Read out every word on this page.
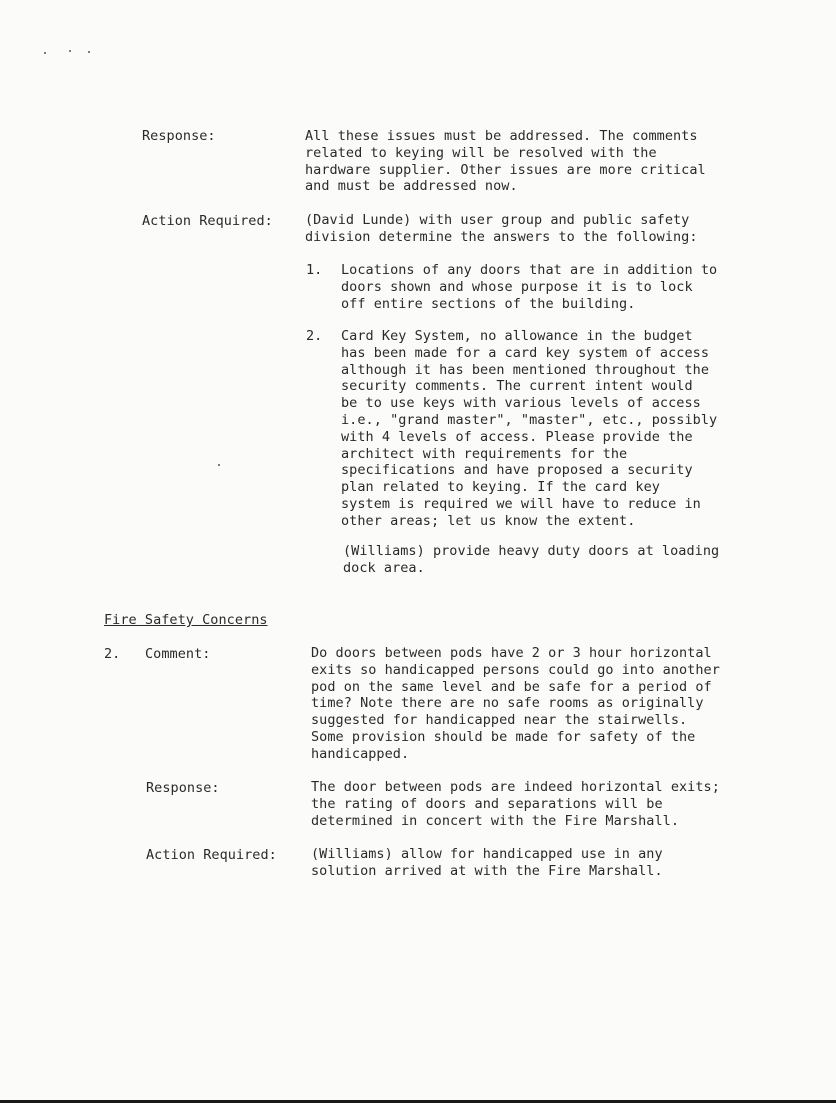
Response:	All these issues must be addressed. The comments
related to keying will be resolved with the
hardware supplier. Other issues are more critical
and must be addressed now.
Action Required: (David Lunde) with user group and public safety
division determine the answers to the following:
1. Locations of any doors that are in addition to
doors shown and whose purpose it is to lock
off entire sections of the building.
2. Card Key System, no allowance in the budget
has been made for a card key system of access
although it has been mentioned throughout the
security comments. The current intent would
be to use keys with various levels of access
i.e., "grand master", "master", etc., possibly
with 4 levels of access. Please provide the
architect with requirements for the
specifications and have proposed a security
plan related to keying. If the card key
system is required we will have to reduce in
other areas; let us know the extent.
(Williams) provide heavy duty doors at loading
dock area.
Fire Safety Concerns
2. Comment:	Do doors between pods have 2 or 3 hour horizontal
exits so handicapped persons could go into another
pod on the same level and be safe for a period of
time? Note there are no safe rooms as originally
suggested for handicapped near the stairwells.
Some provision should be made for safety of the
handicapped.
Response:	The door between pods are indeed horizontal exits;
the rating of doors and separations will be
determined in concert with the Fire Marshall.
Action Required:	(Williams) allow for handicapped use in any
solution arrived at with the Fire Marshall.
